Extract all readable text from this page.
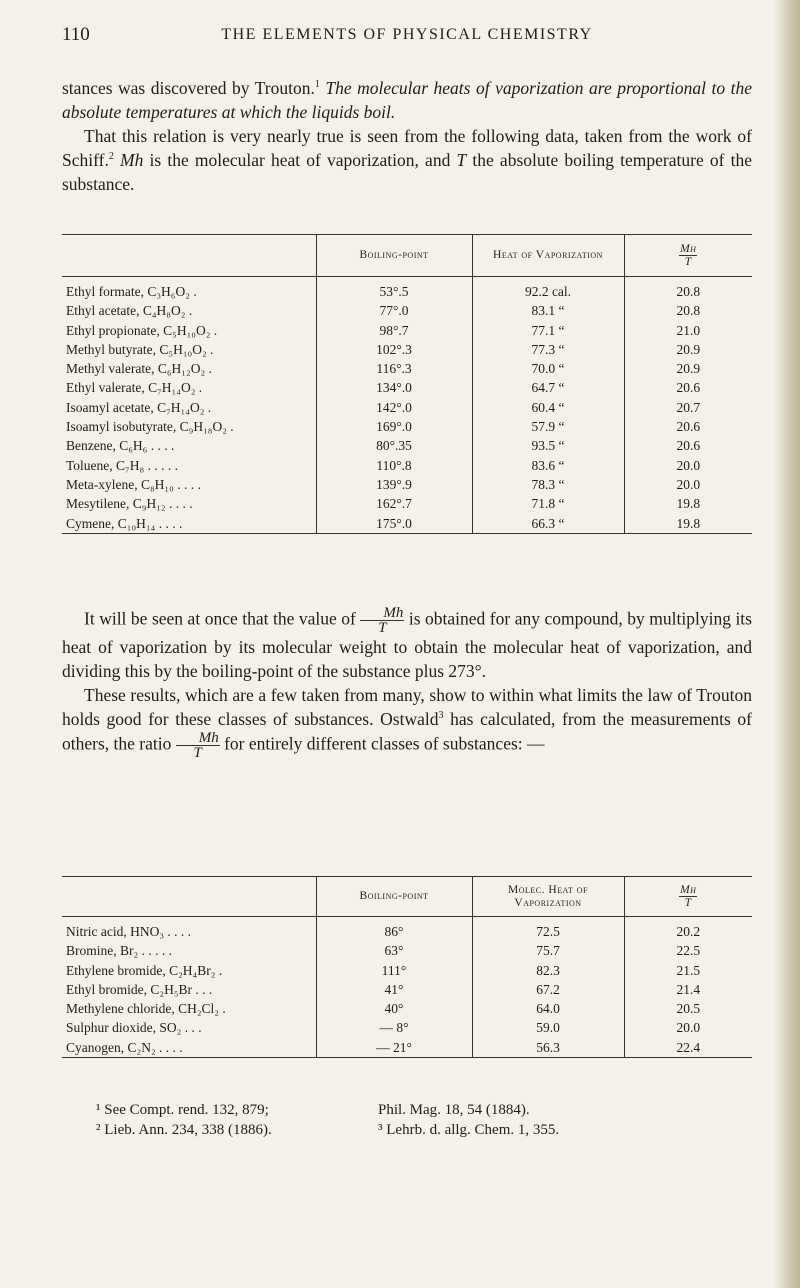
110	THE ELEMENTS OF PHYSICAL CHEMISTRY

stances was discovered by Trouton.$^1$ The molecular heats of vaporization are proportional to the absolute temperatures at which the liquids boil.

That this relation is very nearly true is seen from the following data, taken from the work of Schiff.$^2$ Mh is the molecular heat of vaporization, and T the absolute boiling temperature of the substance.

	Boiling-point	Heat of Vaporization	$\frac{Mh}{T}$

Ethyl formate, C₃H₆O₂ .	53°.5	92.2 cal.	20.8
Ethyl acetate, C₄H₈O₂ .	77°.0	83.1 “	20.8
Ethyl propionate, C₅H₁₀O₂ .	98°.7	77.1 “	21.0
Methyl butyrate, C₅H₁₀O₂ .	102°.3	77.3 “	20.9
Methyl valerate, C₆H₁₂O₂ .	116°.3	70.0 “	20.9
Ethyl valerate, C₇H₁₄O₂ .	134°.0	64.7 “	20.6
Isoamyl acetate, C₇H₁₄O₂ .	142°.0	60.4 “	20.7
Isoamyl isobutyrate, C₉H₁₈O₂ .	169°.0	57.9 “	20.6
Benzene, C₆H₆ . . . .	80°.35	93.5 “	20.6
Toluene, C₇H₈ . . . . .	110°.8	83.6 “	20.0
Meta-xylene, C₈H₁₀ . . . .	139°.9	78.3 “	20.0
Mesytilene, C₉H₁₂ . . . .	162°.7	71.8 “	19.8
Cymene, C₁₀H₁₄ . . . .	175°.0	66.3 “	19.8

It will be seen at once that the value of $\frac{Mh}{T}$ is obtained for any compound, by multiplying its heat of vaporization by its molecular weight to obtain the molecular heat of vaporization, and dividing this by the boiling-point of the substance plus 273°.

These results, which are a few taken from many, show to within what limits the law of Trouton holds good for these classes of substances. Ostwald$^3$ has calculated, from the measurements of others, the ratio $\frac{Mh}{T}$ for entirely different classes of substances: —

	Boiling-point	Molec. Heat of Vaporization	$\frac{Mh}{T}$

Nitric acid, HNO₃ . . . .	86°	72.5	20.2
Bromine, Br₂ . . . . .	63°	75.7	22.5
Ethylene bromide, C₂H₄Br₂ .	111°	82.3	21.5
Ethyl bromide, C₂H₅Br . . .	41°	67.2	21.4
Methylene chloride, CH₂Cl₂ .	40°	64.0	20.5
Sulphur dioxide, SO₂ . . .	— 8°	59.0	20.0
Cyanogen, C₂N₂ . . . .	— 21°	56.3	22.4
¹ See Compt. rend. 132, 879;	Phil. Mag. 18, 54 (1884).
² Lieb. Ann. 234, 338 (1886).	³ Lehrb. d. allg. Chem. 1, 355.
